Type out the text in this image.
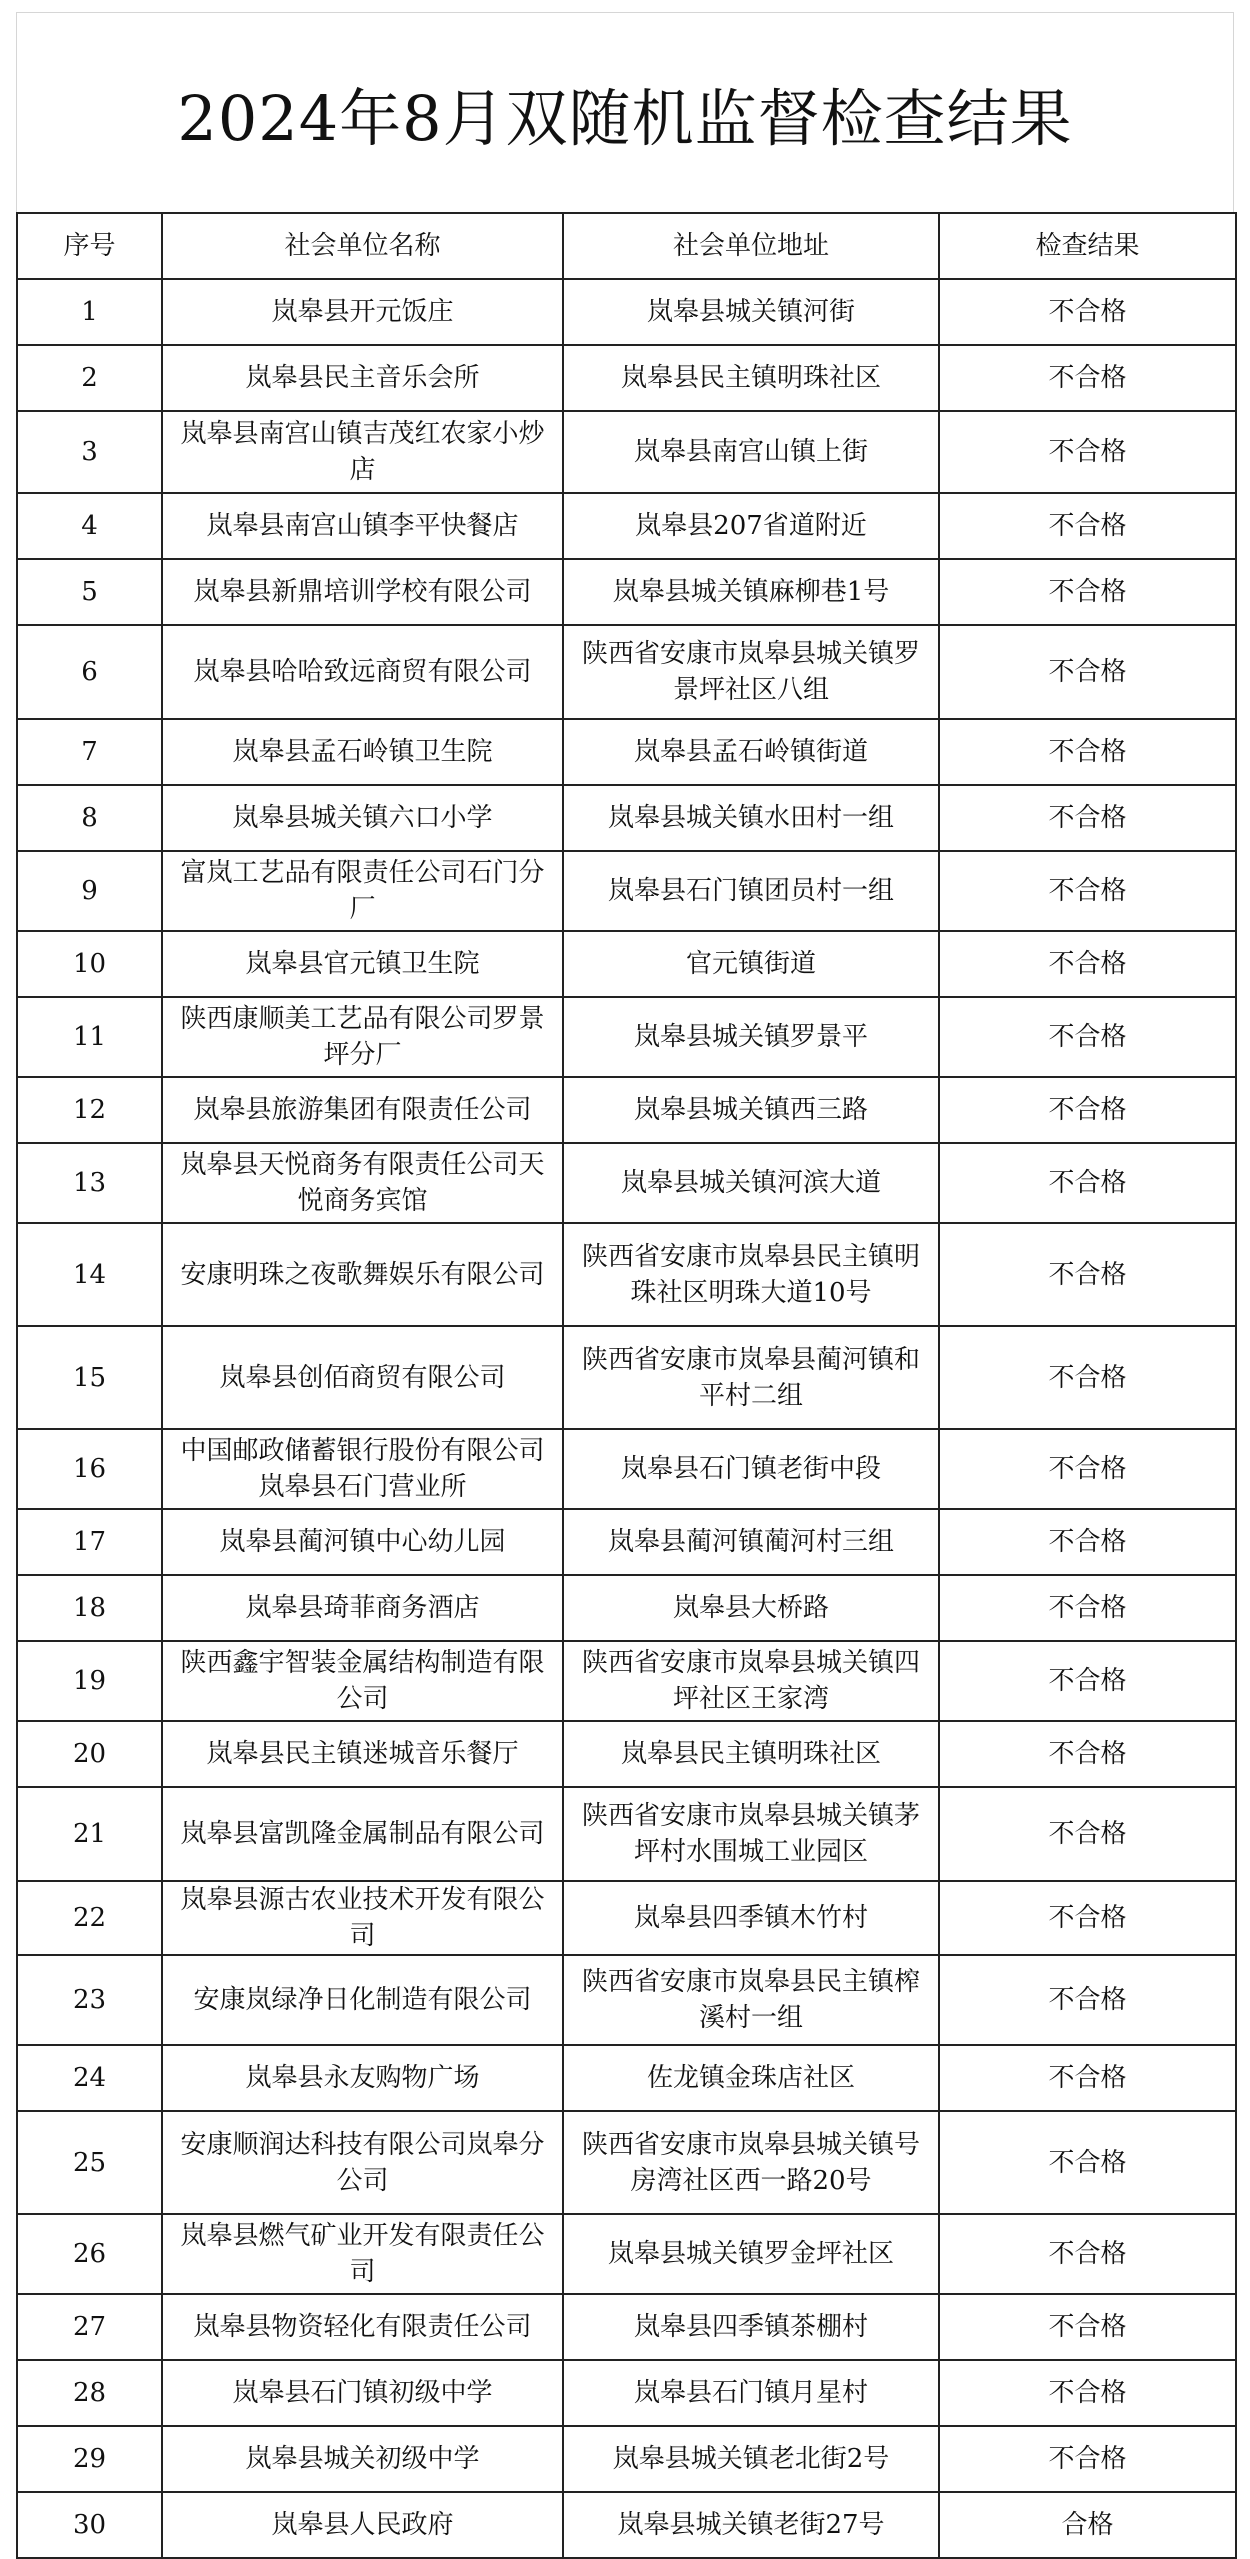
2024年8月双随机监督检查结果
序号	社会单位名称	社会单位地址	检查结果
1	岚皋县开元饭庄	岚皋县城关镇河街	不合格
2	岚皋县民主音乐会所	岚皋县民主镇明珠社区	不合格
3	岚皋县南宫山镇吉茂红农家小炒店	岚皋县南宫山镇上街	不合格
4	岚皋县南宫山镇李平快餐店	岚皋县207省道附近	不合格
5	岚皋县新鼎培训学校有限公司	岚皋县城关镇麻柳巷1号	不合格
6	岚皋县哈哈致远商贸有限公司	陕西省安康市岚皋县城关镇罗景坪社区八组	不合格
7	岚皋县孟石岭镇卫生院	岚皋县孟石岭镇街道	不合格
8	岚皋县城关镇六口小学	岚皋县城关镇水田村一组	不合格
9	富岚工艺品有限责任公司石门分厂	岚皋县石门镇团员村一组	不合格
10	岚皋县官元镇卫生院	官元镇街道	不合格
11	陕西康顺美工艺品有限公司罗景坪分厂	岚皋县城关镇罗景平	不合格
12	岚皋县旅游集团有限责任公司	岚皋县城关镇西三路	不合格
13	岚皋县天悦商务有限责任公司天悦商务宾馆	岚皋县城关镇河滨大道	不合格
14	安康明珠之夜歌舞娱乐有限公司	陕西省安康市岚皋县民主镇明珠社区明珠大道10号	不合格
15	岚皋县创佰商贸有限公司	陕西省安康市岚皋县蔺河镇和平村二组	不合格
16	中国邮政储蓄银行股份有限公司岚皋县石门营业所	岚皋县石门镇老街中段	不合格
17	岚皋县蔺河镇中心幼儿园	岚皋县蔺河镇蔺河村三组	不合格
18	岚皋县琦菲商务酒店	岚皋县大桥路	不合格
19	陕西鑫宇智装金属结构制造有限公司	陕西省安康市岚皋县城关镇四坪社区王家湾	不合格
20	岚皋县民主镇迷城音乐餐厅	岚皋县民主镇明珠社区	不合格
21	岚皋县富凯隆金属制品有限公司	陕西省安康市岚皋县城关镇茅坪村水围城工业园区	不合格
22	岚皋县源古农业技术开发有限公司	岚皋县四季镇木竹村	不合格
23	安康岚绿净日化制造有限公司	陕西省安康市岚皋县民主镇榨溪村一组	不合格
24	岚皋县永友购物广场	佐龙镇金珠店社区	不合格
25	安康顺润达科技有限公司岚皋分公司	陕西省安康市岚皋县城关镇号房湾社区西一路20号	不合格
26	岚皋县燃气矿业开发有限责任公司	岚皋县城关镇罗金坪社区	不合格
27	岚皋县物资轻化有限责任公司	岚皋县四季镇茶棚村	不合格
28	岚皋县石门镇初级中学	岚皋县石门镇月星村	不合格
29	岚皋县城关初级中学	岚皋县城关镇老北街2号	不合格
30	岚皋县人民政府	岚皋县城关镇老街27号	合格
